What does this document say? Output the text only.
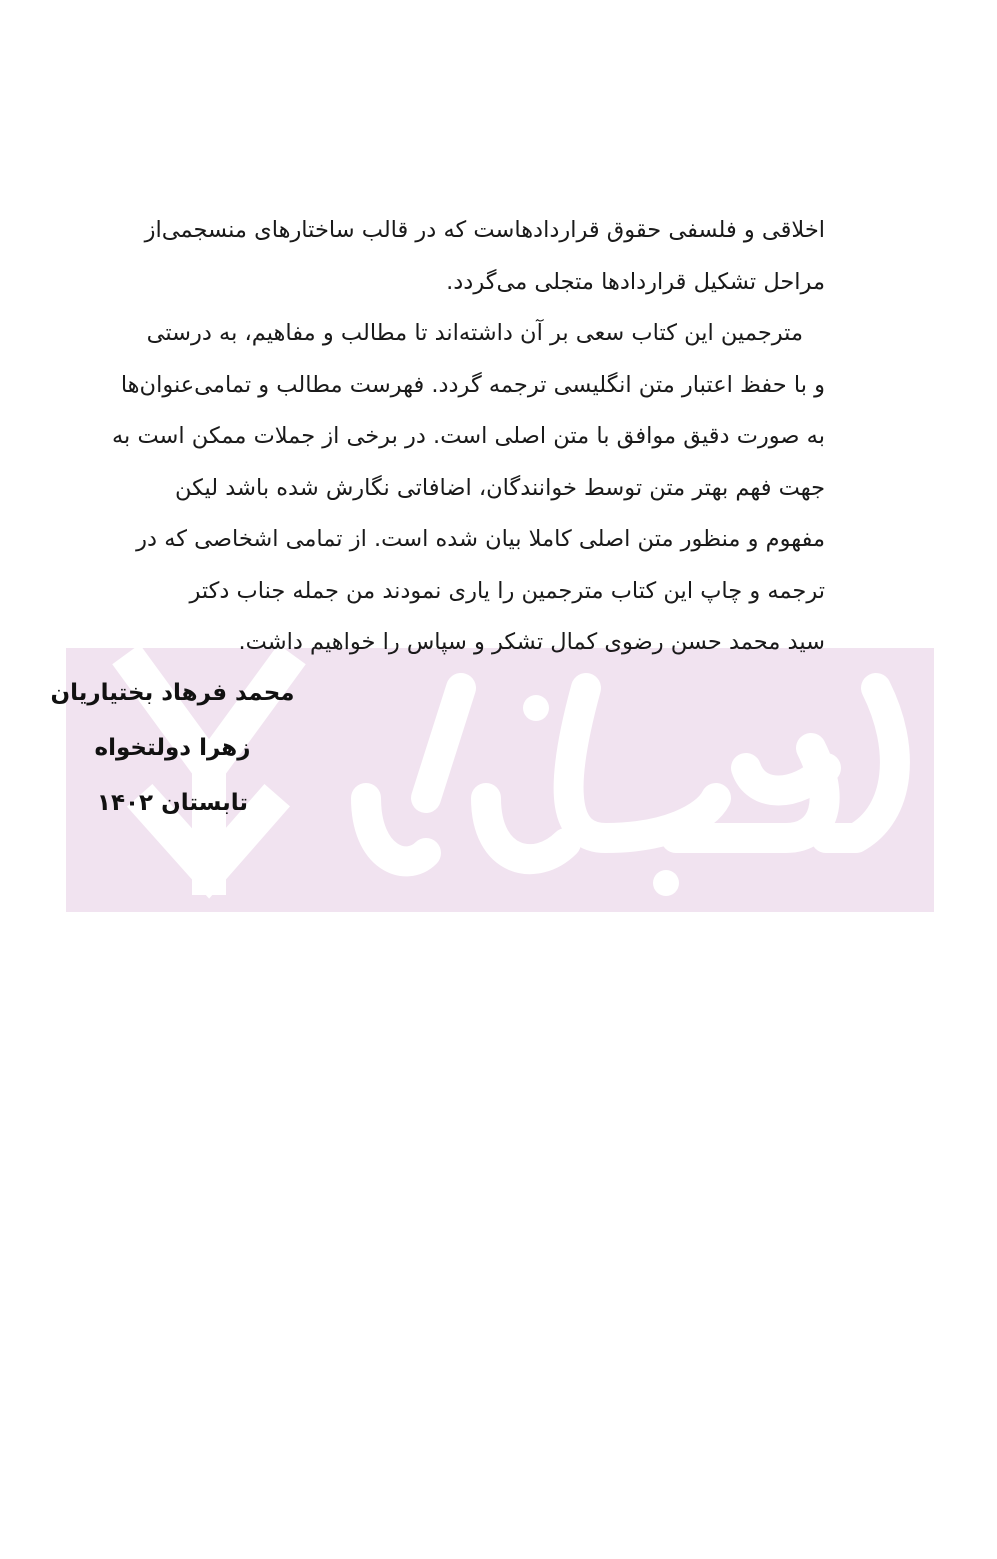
اخلاقی و فلسفی حقوق قراردادهاست که در قالب ساختارهای منسجمی‌از
مراحل تشکیل قراردادها متجلی می‌گردد.
مترجمین این کتاب سعی بر آن داشته‌اند تا مطالب و مفاهیم، به درستی
و با حفظ اعتبار متن انگلیسی ترجمه گردد. فهرست مطالب و تمامی‌عنوان‌ها
به صورت دقیق موافق با متن اصلی است. در برخی از جملات ممکن است به
جهت فهم بهتر متن توسط خوانندگان، اضافاتی نگارش شده باشد لیکن
مفهوم و منظور متن اصلی کاملا بیان شده است. از تمامی اشخاصی که در
ترجمه و چاپ این کتاب مترجمین را یاری نمودند من جمله جناب دکتر
سید محمد حسن رضوی کمال تشکر و سپاس را خواهیم داشت.
محمد فرهاد بختیاریان
زهرا دولتخواه
تابستان ۱۴۰۲
